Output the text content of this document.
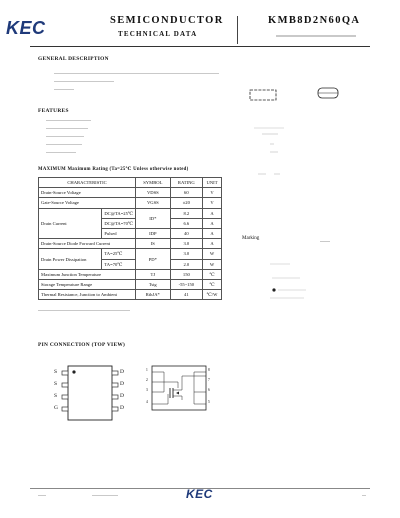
KEC	SEMICONDUCTOR
TECHNICAL DATA
KMB8D2N60QA
GENERAL DESCRIPTION
FEATURES
Marking
MAXIMUM Maximum Rating (Ta=25℃ Unless otherwise noted)
CHARACTERISTIC		SYMBOL	RATING	UNIT
Drain-Source Voltage		VDSS	60	V
Gate-Source Voltage		VGSS	±20	V
Drain Current	DC@TA=25℃	ID*	8.2	A
	DC@TA=70℃		6.6	A
	Pulsed	IDP	40	A
Drain-Source Diode Forward Current		IS	3.0	A
Drain Power Dissipation	TA=25℃	PD*	3.0	W
	TA=70℃		2.0	W
Maximum Junction Temperature		TJ	150	℃
Storage Temperature Range		Tstg	-55~150	℃
Thermal Resistance, Junction to Ambient		RthJA*	41	℃/W
PIN CONNECTION (TOP VIEW)
S
S
S
G
D
D
D
D
1
2
3
4
8
7
6
5
KEC
